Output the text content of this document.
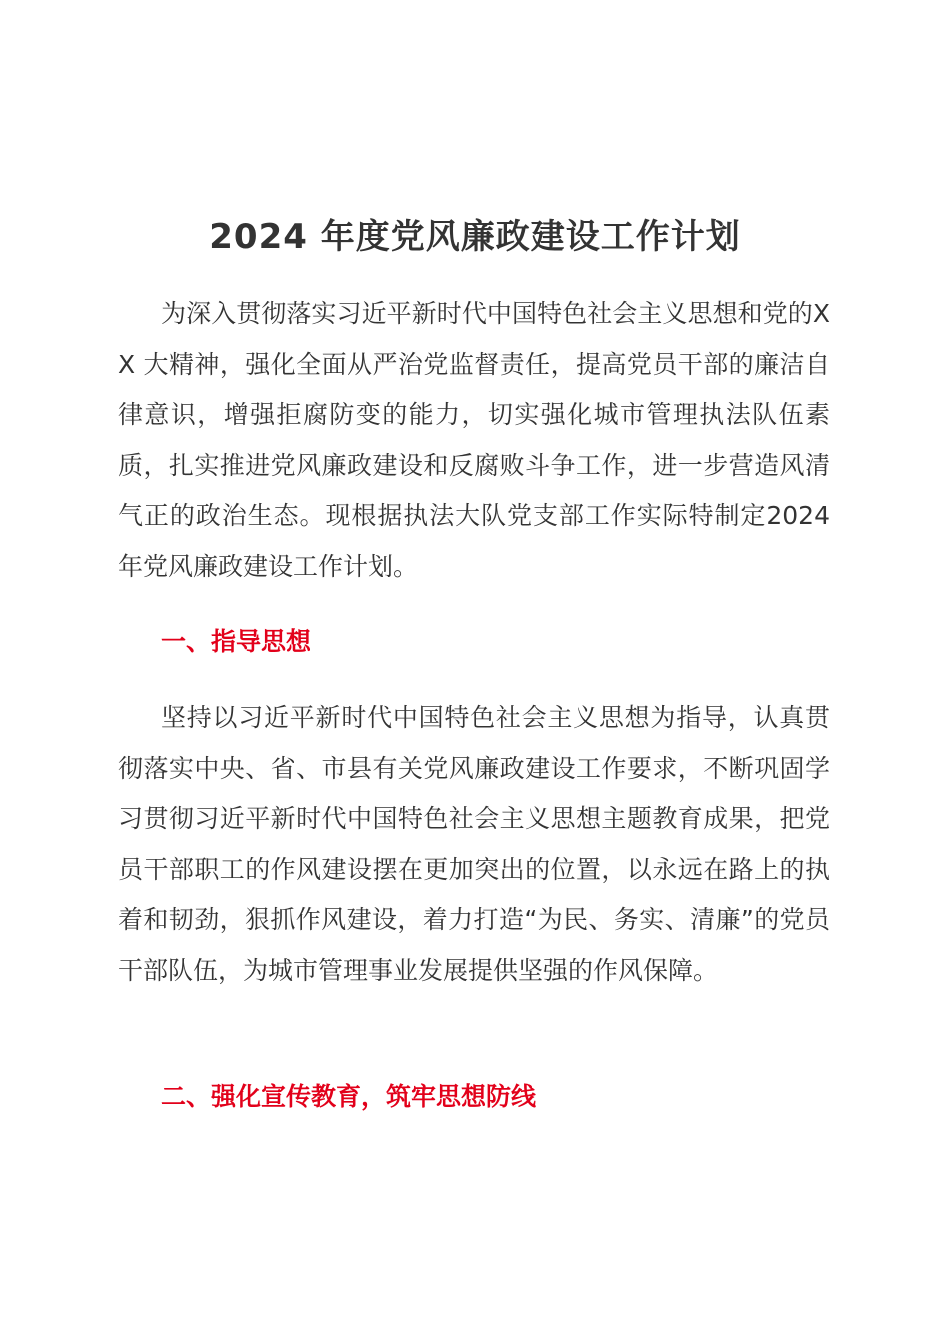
2024 年度党风廉政建设工作计划

为深入贯彻落实习近平新时代中国特色社会主义思想和党的XX 大精神，强化全面从严治党监督责任，提高党员干部的廉洁自律意识，增强拒腐防变的能力，切实强化城市管理执法队伍素质，扎实推进党风廉政建设和反腐败斗争工作，进一步营造风清气正的政治生态。现根据执法大队党支部工作实际特制定2024 年党风廉政建设工作计划。

一、指导思想

坚持以习近平新时代中国特色社会主义思想为指导，认真贯彻落实中央、省、市县有关党风廉政建设工作要求，不断巩固学习贯彻习近平新时代中国特色社会主义思想主题教育成果，把党员干部职工的作风建设摆在更加突出的位置，以永远在路上的执着和韧劲，狠抓作风建设，着力打造“为民、务实、清廉”的党员干部队伍，为城市管理事业发展提供坚强的作风保障。

二、强化宣传教育，筑牢思想防线
